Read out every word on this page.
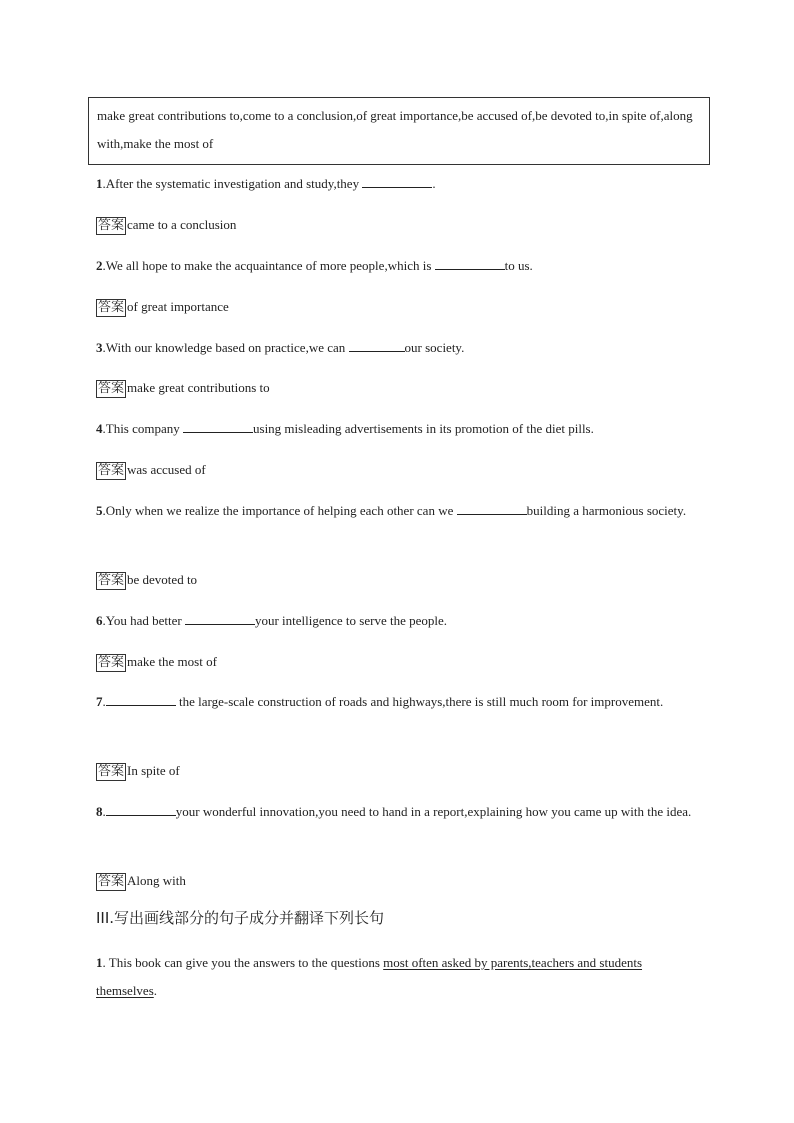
make great contributions to,come to a conclusion,of great importance,be accused of,be devoted to,in spite of,along with,make the most of
1.After the systematic investigation and study,they	.
答案 came to a conclusion
2.We all hope to make the acquaintance of more people,which is	to us.
答案 of great importance
3.With our knowledge based on practice,we can	our society.
答案 make great contributions to
4.This company	using misleading advertisements in its promotion of the diet pills.
答案 was accused of
5.Only when we realize the importance of helping each other can we	building a harmonious society.
答案 be devoted to
6.You had better	your intelligence to serve the people.
答案 make the most of
7.	the large-scale construction of roads and highways,there is still much room for improvement.
答案 In spite of
8.	your wonderful innovation,you need to hand in a report,explaining how you came up with the idea.
答案 Along with
III.写出画线部分的句子成分并翻译下列长句
1. This book can give you the answers to the questions most often asked by parents,teachers and students themselves.
